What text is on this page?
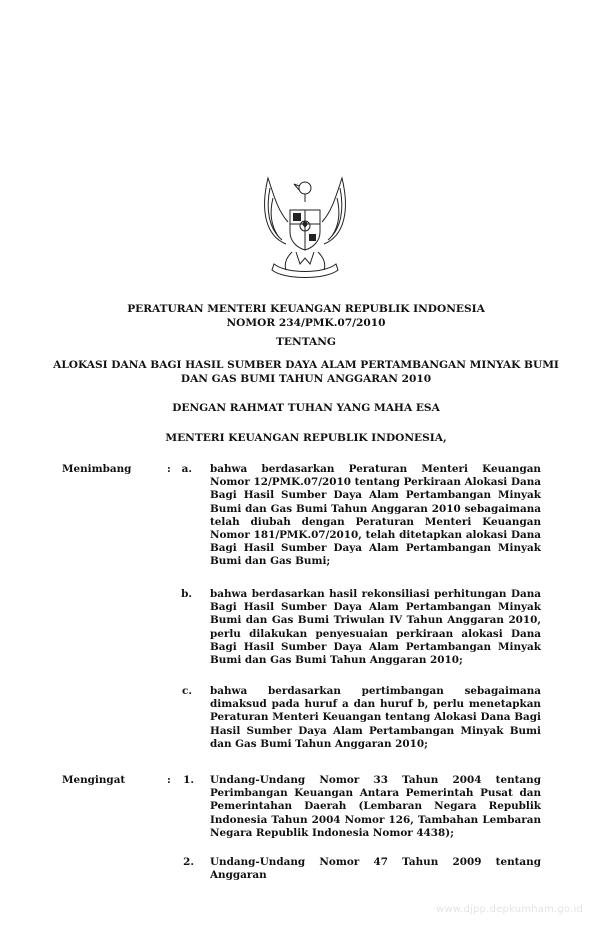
PERATURAN MENTERI KEUANGAN REPUBLIK INDONESIA
NOMOR 234/PMK.07/2010
TENTANG
ALOKASI DANA BAGI HASIL SUMBER DAYA ALAM PERTAMBANGAN MINYAK BUMI
DAN GAS BUMI TAHUN ANGGARAN 2010
DENGAN RAHMAT TUHAN YANG MAHA ESA
MENTERI KEUANGAN REPUBLIK INDONESIA,
Menimbang	:	a. bahwa berdasarkan Peraturan Menteri Keuangan Nomor 12/PMK.07/2010 tentang Perkiraan Alokasi Dana Bagi Hasil Sumber Daya Alam Pertambangan Minyak Bumi dan Gas Bumi Tahun Anggaran 2010 sebagaimana telah diubah dengan Peraturan Menteri Keuangan Nomor 181/PMK.07/2010, telah ditetapkan alokasi Dana Bagi Hasil Sumber Daya Alam Pertambangan Minyak Bumi dan Gas Bumi;
b. bahwa berdasarkan hasil rekonsiliasi perhitungan Dana Bagi Hasil Sumber Daya Alam Pertambangan Minyak Bumi dan Gas Bumi Triwulan IV Tahun Anggaran 2010, perlu dilakukan penyesuaian perkiraan alokasi Dana Bagi Hasil Sumber Daya Alam Pertambangan Minyak Bumi dan Gas Bumi Tahun Anggaran 2010;
c. bahwa berdasarkan pertimbangan sebagaimana dimaksud pada huruf a dan huruf b, perlu menetapkan Peraturan Menteri Keuangan tentang Alokasi Dana Bagi Hasil Sumber Daya Alam Pertambangan Minyak Bumi dan Gas Bumi Tahun Anggaran 2010;
Mengingat	:	1. Undang-Undang Nomor 33 Tahun 2004 tentang Perimbangan Keuangan Antara Pemerintah Pusat dan Pemerintahan Daerah (Lembaran Negara Republik Indonesia Tahun 2004 Nomor 126, Tambahan Lembaran Negara Republik Indonesia Nomor 4438);
2. Undang-Undang Nomor 47 Tahun 2009 tentang Anggaran
www.djpp.depkumham.go.id
